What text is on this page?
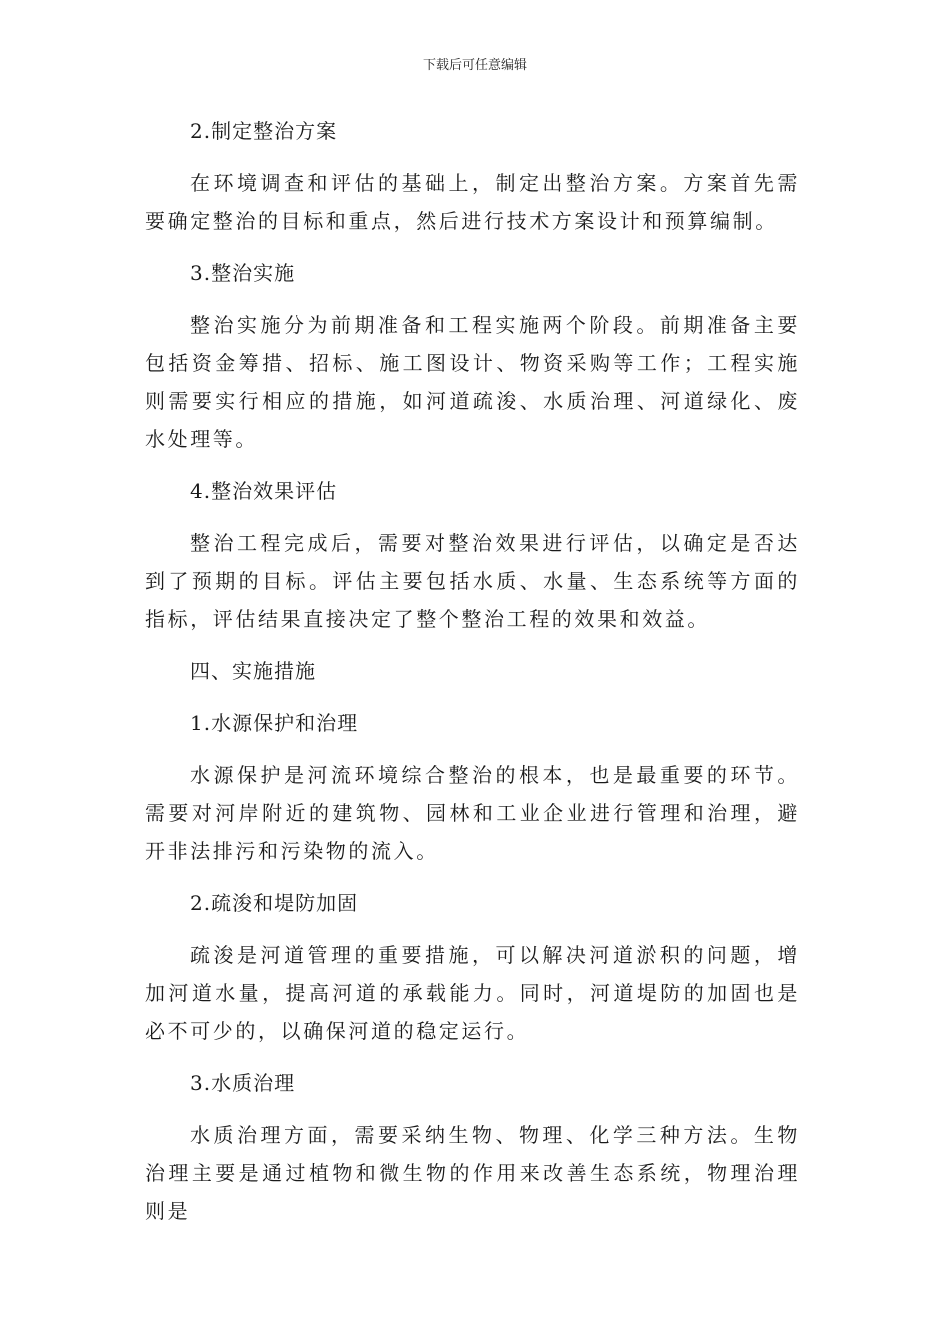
下载后可任意编辑
2.制定整治方案
在环境调查和评估的基础上，制定出整治方案。方案首先需要确定整治的目标和重点，然后进行技术方案设计和预算编制。
3.整治实施
整治实施分为前期准备和工程实施两个阶段。前期准备主要包括资金筹措、招标、施工图设计、物资采购等工作；工程实施则需要实行相应的措施，如河道疏浚、水质治理、河道绿化、废水处理等。
4.整治效果评估
整治工程完成后，需要对整治效果进行评估，以确定是否达到了预期的目标。评估主要包括水质、水量、生态系统等方面的指标，评估结果直接决定了整个整治工程的效果和效益。
四、实施措施
1.水源保护和治理
水源保护是河流环境综合整治的根本，也是最重要的环节。需要对河岸附近的建筑物、园林和工业企业进行管理和治理，避开非法排污和污染物的流入。
2.疏浚和堤防加固
疏浚是河道管理的重要措施，可以解决河道淤积的问题，增加河道水量，提高河道的承载能力。同时，河道堤防的加固也是必不可少的，以确保河道的稳定运行。
3.水质治理
水质治理方面，需要采纳生物、物理、化学三种方法。生物治理主要是通过植物和微生物的作用来改善生态系统，物理治理则是
